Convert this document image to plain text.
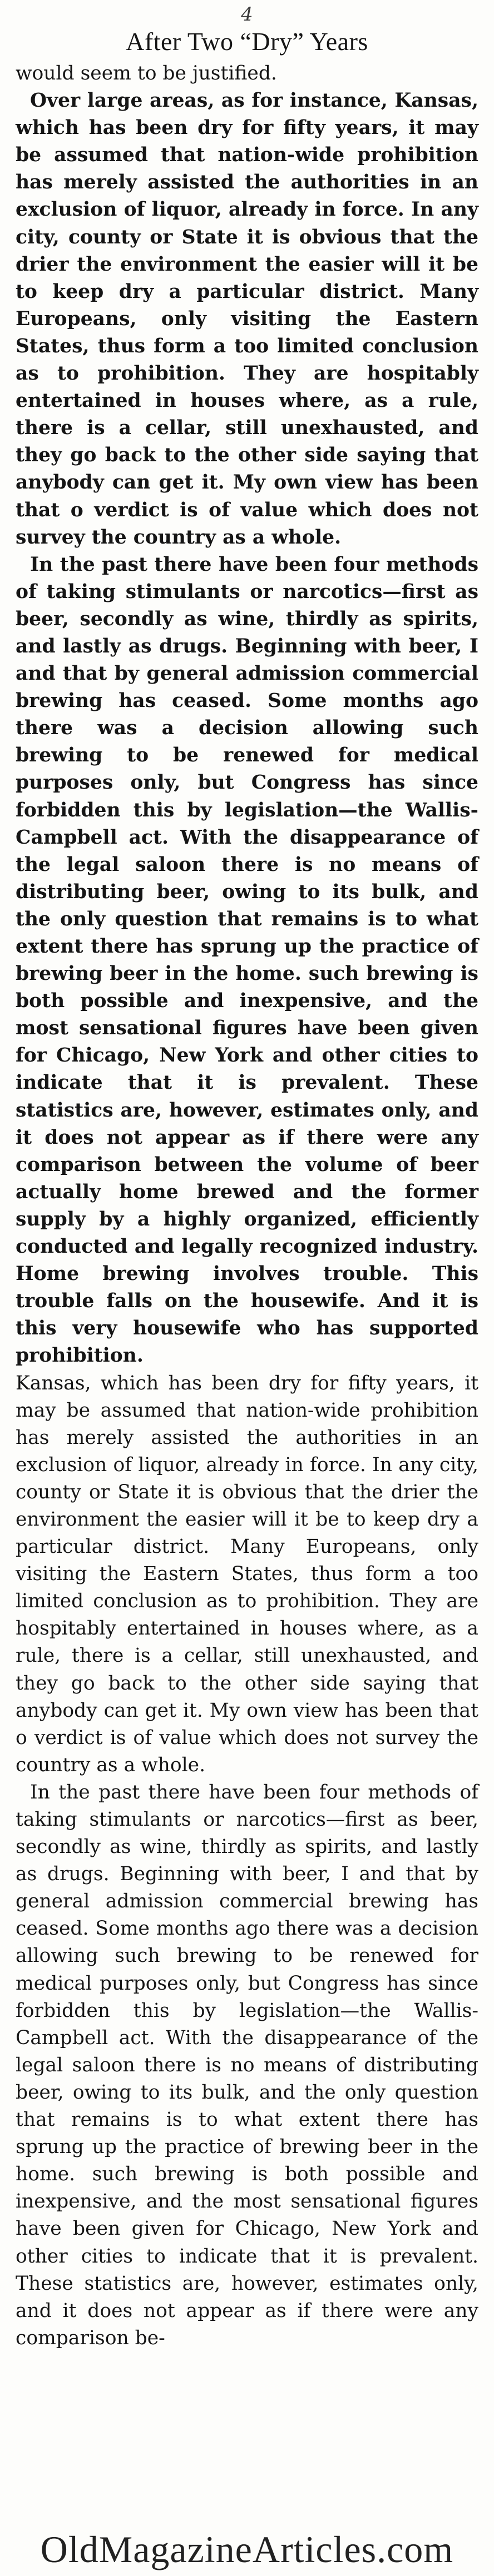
4
After Two “Dry” Years

would seem to be justified.

Over large areas, as for instance, Kansas, which has been dry for fifty years, it may be assumed that nation-wide prohibition has merely assisted the authorities in an exclusion of liquor, already in force. In any city, county or State it is obvious that the drier the environment the easier will it be to keep dry a particular district. Many Europeans, only visiting the Eastern States, thus form a too limited conclusion as to prohibition. They are hospitably entertained in houses where, as a rule, there is a cellar, still unexhausted, and they go back to the other side saying that anybody can get it. My own view has been that o verdict is of value which does not survey the country as a whole.

In the past there have been four methods of taking stimulants or narcotics—first as beer, secondly as wine, thirdly as spirits, and lastly as drugs. Beginning with beer, I and that by general admission commercial brewing has ceased. Some months ago there was a decision allowing such brewing to be renewed for medical purposes only, but Congress has since forbidden this by legislation—the Wallis-Campbell act. With the disappearance of the legal saloon there is no means of distributing beer, owing to its bulk, and the only question that remains is to what extent there has sprung up the practice of brewing beer in the home. such brewing is both possible and inexpensive, and the most sensational figures have been given for Chicago, New York and other cities to indicate that it is prevalent. These statistics are, however, estimates only, and it does not appear as if there were any comparison between the volume of beer actually home brewed and the former supply by a highly organized, efficiently conducted and legally recognized industry. Home brewing involves trouble. This trouble falls on the housewife. And it is this very housewife who has supported prohibition.

Kansas, which has been dry for fifty years, it may be assumed that nation-wide prohibition has merely assisted the authorities in an exclusion of liquor, already in force. In any city, county or State it is obvious that the drier the environment the easier will it be to keep dry a particular district. Many Europeans, only visiting the Eastern States, thus form a too limited conclusion as to prohibition. They are hospitably entertained in houses where, as a rule, there is a cellar, still unexhausted, and they go back to the other side saying that anybody can get it. My own view has been that o verdict is of value which does not survey the country as a whole.

In the past there have been four methods of taking stimulants or narcotics—first as beer, secondly as wine, thirdly as spirits, and lastly as drugs. Beginning with beer, I and that by general admission commercial brewing has ceased. Some months ago there was a decision allowing such brewing to be renewed for medical purposes only, but Congress has since forbidden this by legislation—the Wallis-Campbell act. With the disappearance of the legal saloon there is no means of distributing beer, owing to its bulk, and the only question that remains is to what extent there has sprung up the practice of brewing beer in the home. such brewing is both possible and inexpensive, and the most sensational figures have been given for Chicago, New York and other cities to indicate that it is prevalent. These statistics are, however, estimates only, and it does not appear as if there were any comparison be-

OldMagazineArticles.com
